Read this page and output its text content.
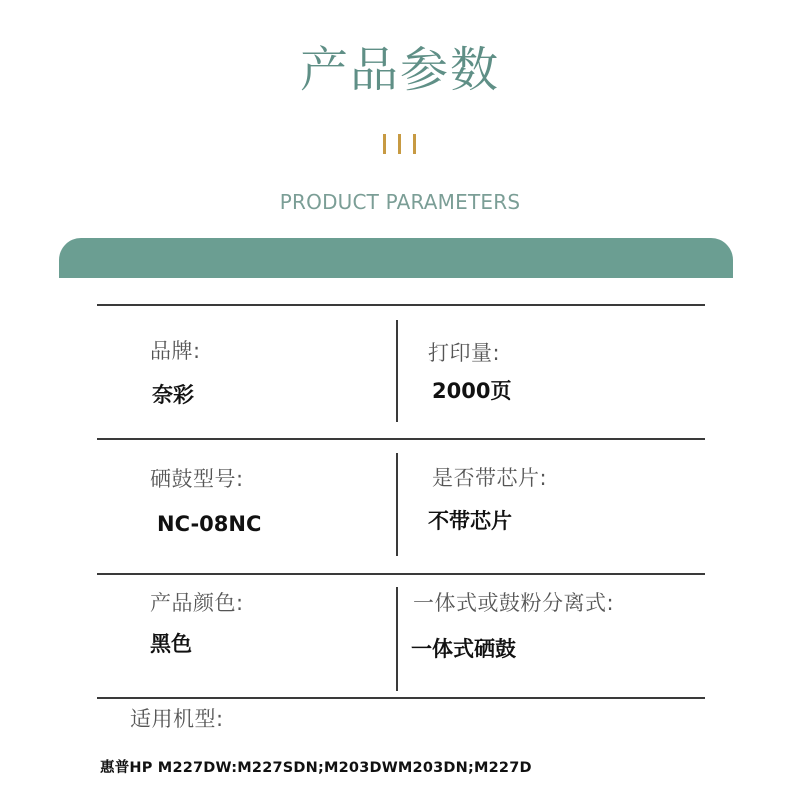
产品参数
PRODUCT PARAMETERS
品牌:
奈彩
打印量:
2000页
硒鼓型号:
NC-08NC
是否带芯片:
不带芯片
产品颜色:
黑色
一体式或鼓粉分离式:
一体式硒鼓
适用机型:
惠普HP M227DW:M227SDN;M203DWM203DN;M227D
